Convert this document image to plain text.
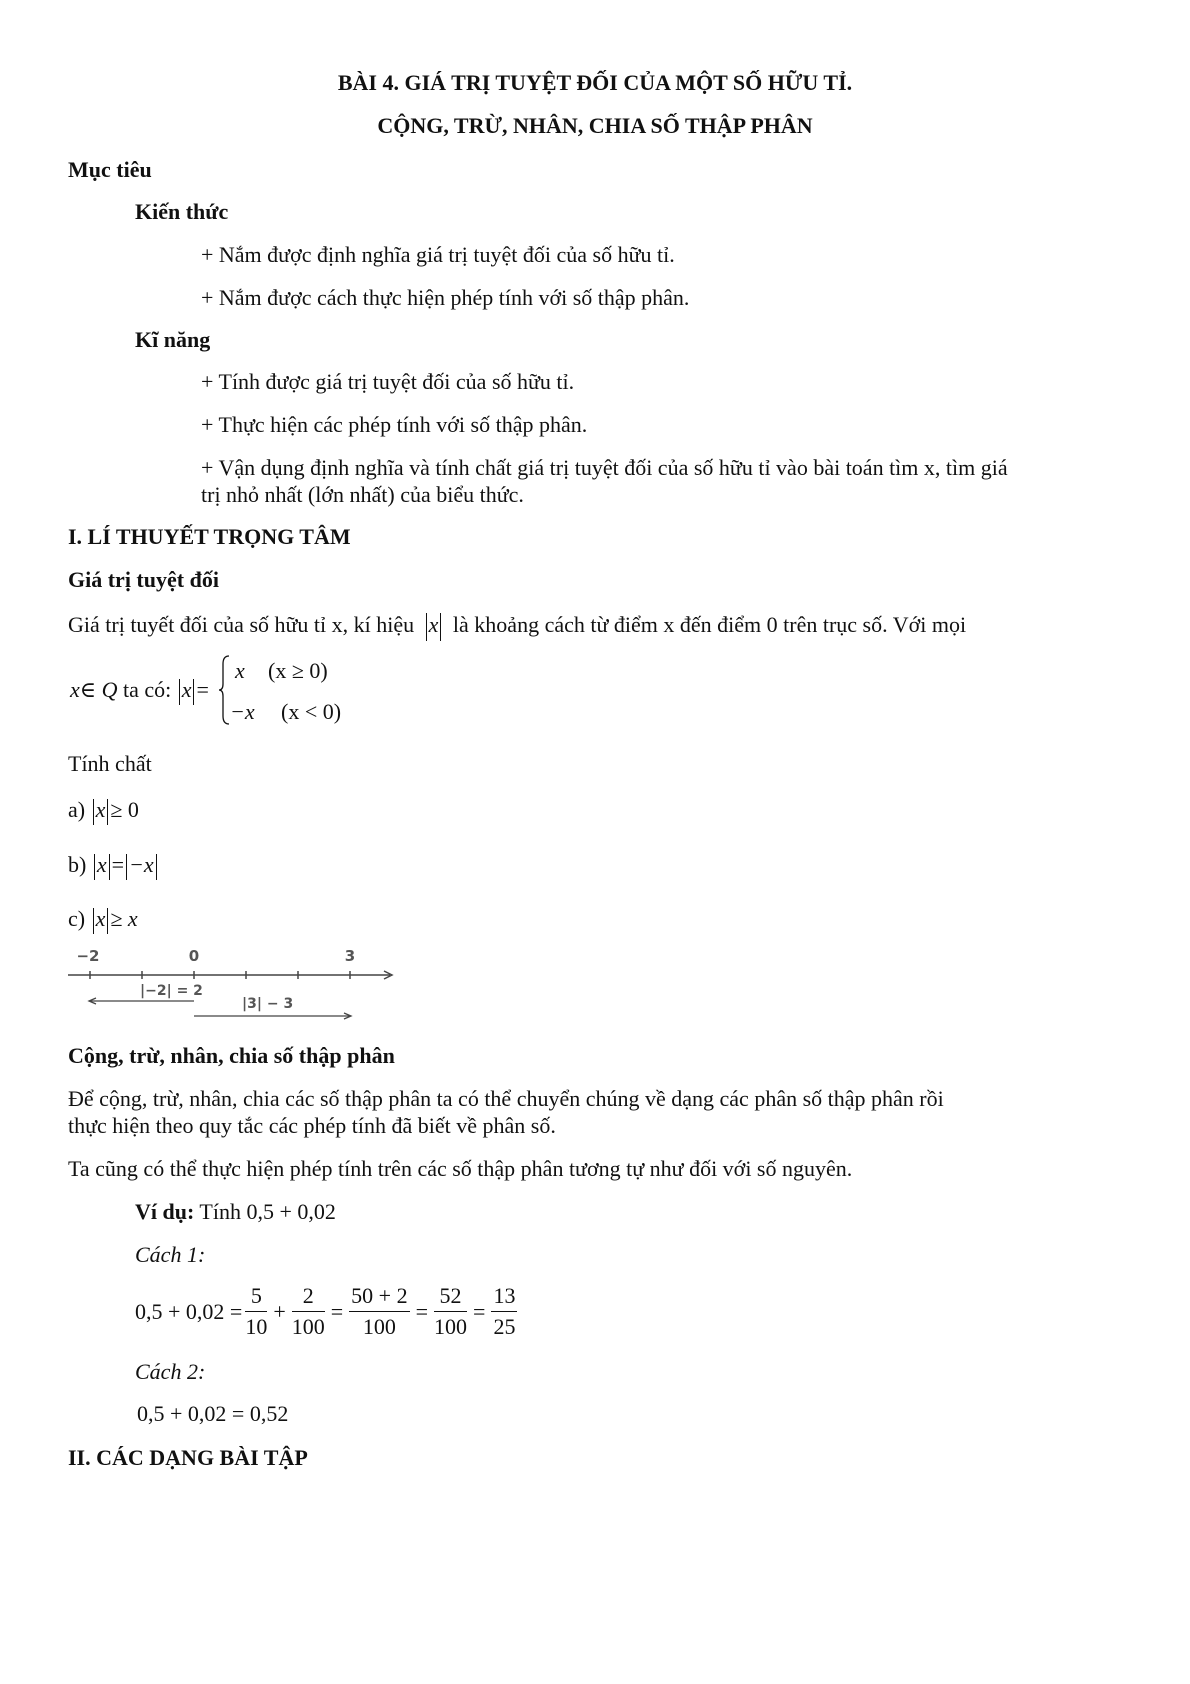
BÀI 4. GIÁ TRỊ TUYỆT ĐỐI CỦA MỘT SỐ HỮU TỈ.
CỘNG, TRỪ, NHÂN, CHIA SỐ THẬP PHÂN
Mục tiêu
Kiến thức
+ Nắm được định nghĩa giá trị tuyệt đối của số hữu tỉ.
+ Nắm được cách thực hiện phép tính với số thập phân.
Kĩ năng
+ Tính được giá trị tuyệt đối của số hữu tỉ.
+ Thực hiện các phép tính với số thập phân.
+ Vận dụng định nghĩa và tính chất giá trị tuyệt đối của số hữu tỉ vào bài toán tìm x, tìm giá
trị nhỏ nhất (lớn nhất) của biểu thức.
I. LÍ THUYẾT TRỌNG TÂM
Giá trị tuyệt đối
Giá trị tuyết đối của số hữu tỉ x, kí hiệu x là khoảng cách từ điểm x đến điểm 0 trên trục số. Với mọi
x∈ Q ta có: x =
x (x ≥ 0)
−x (x < 0)
Tính chất
a) x ≥ 0
b) x = −x
c) x ≥ x
−2	0	3
|−2| = 2
|3| − 3
Cộng, trừ, nhân, chia số thập phân
Để cộng, trừ, nhân, chia các số thập phân ta có thể chuyển chúng về dạng các phân số thập phân rồi
thực hiện theo quy tắc các phép tính đã biết về phân số.
Ta cũng có thể thực hiện phép tính trên các số thập phân tương tự như đối với số nguyên.
Ví dụ: Tính 0,5 + 0,02
Cách 1:
$0,5 + 0,02 = \frac{5}{10} + \frac{2}{100} = \frac{50 + 2}{100} = \frac{52}{100} = \frac{13}{25}$
Cách 2:
0,5 + 0,02 = 0,52
II. CÁC DẠNG BÀI TẬP
